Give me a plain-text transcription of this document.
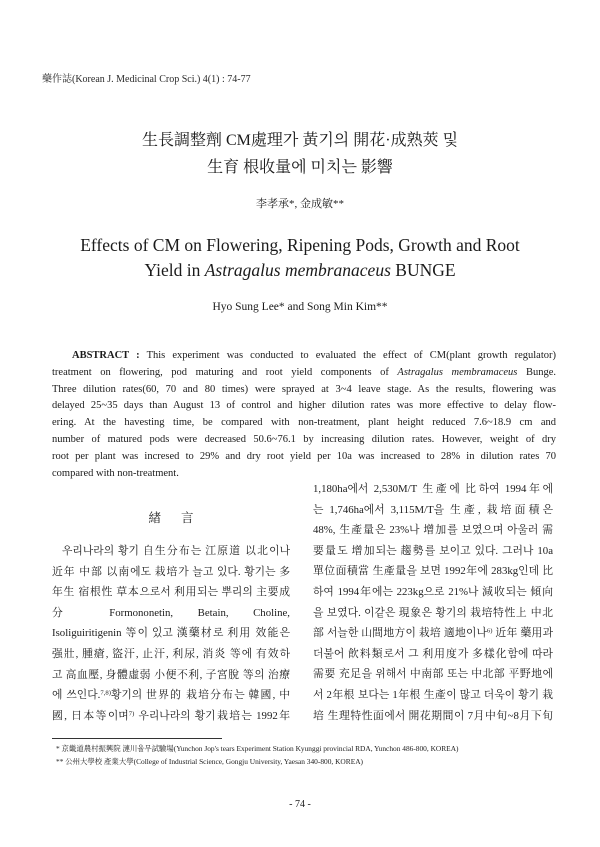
藥作誌(Korean J. Medicinal Crop Sci.) 4(1) : 74-77
生長調整劑 CM處理가 黃기의 開花·成熟莢 및
生育 根收量에 미치는 影響
李孝承*, 金成敏**
Effects of CM on Flowering, Ripening Pods, Growth and Root
Yield in Astragalus membranaceus BUNGE
Hyo Sung Lee* and Song Min Kim**
ABSTRACT : This experiment was conducted to evaluated the effect of CM(plant growth regulator)
treatment on flowering, pod maturing and root yield components of Astragalus membramaceus Bunge.
Three dilution rates(60, 70 and 80 times) were sprayed at 3~4 leave stage. As the results, flowering was
delayed 25~35 days than August 13 of control and higher dilution rates was more effective to delay flow-
ering. At the havesting time, be compared with non-treatment, plant height reduced 7.6~18.9 cm and
number of matured pods were decreased 50.6~76.1 by increasing dilution rates. However, weight of dry
root per plant was incresed to 29% and dry root yield per 10a was increased to 28% in dilution rates 70
compared with non-treatment.
緖言
우리나라의 황기 自生分布는 江原道 以北이나
近年 中部 以南에도 栽培가 늘고 있다. 황기는 多
年生 宿根性 草本으로서 利用되는 뿌리의 主要成
分 Formononetin, Betain, Choline,
Isoliguiritigenin 等이 있고 漢藥材로 利用 效能은
强壯, 腫瘡, 盜汗, 止汗, 利尿, 消炎 等에 有效하
고 高血壓, 身體虛弱 小便不利, 子宮脫 等의 治療
에 쓰인다.$^{7,8)}$황기의 世界的 栽培分布는 韓國, 中
國, 日本等이며$^{7)}$ 우리나라의 황기栽培는 1992年
1,180ha에서 2,530M/T 生產에 比하여 1994年에
는 1,746ha에서 3,115M/T을 生產, 栽培面積은
48%, 生產量은 23%나 增加를 보였으며 아울러 需
要量도 增加되는 趨勢를 보이고 있다. 그러나 10a
單位面積當 生產量을 보면 1992年에 283kg인데 比
하여 1994年에는 223kg으로 21%나 減收되는 傾向
을 보였다. 이같은 現象은 황기의 栽培特性上 中北
部 서늘한 山間地方이 栽培 適地이나$^{6)}$ 近年 藥用과
더불어 飮料類로서 그 利用度가 多樣化함에 따라
需要 充足을 위해서 中南部 또는 中北部 平野地에
서 2年根 보다는 1年根 生產이 많고 더욱이 황기 栽
培 生理特性面에서 開花期間이 7月中旬~8月下旬
* 京畿道農村振興院 漣川율무試驗場(Yunchon Jop's tears Experiment Station Kyunggi provincial RDA, Yunchon 486-800, KOREA)
** 公州大學校 產業大學(College of Industrial Science, Gongju University, Yaesan 340-800, KOREA)
- 74 -
